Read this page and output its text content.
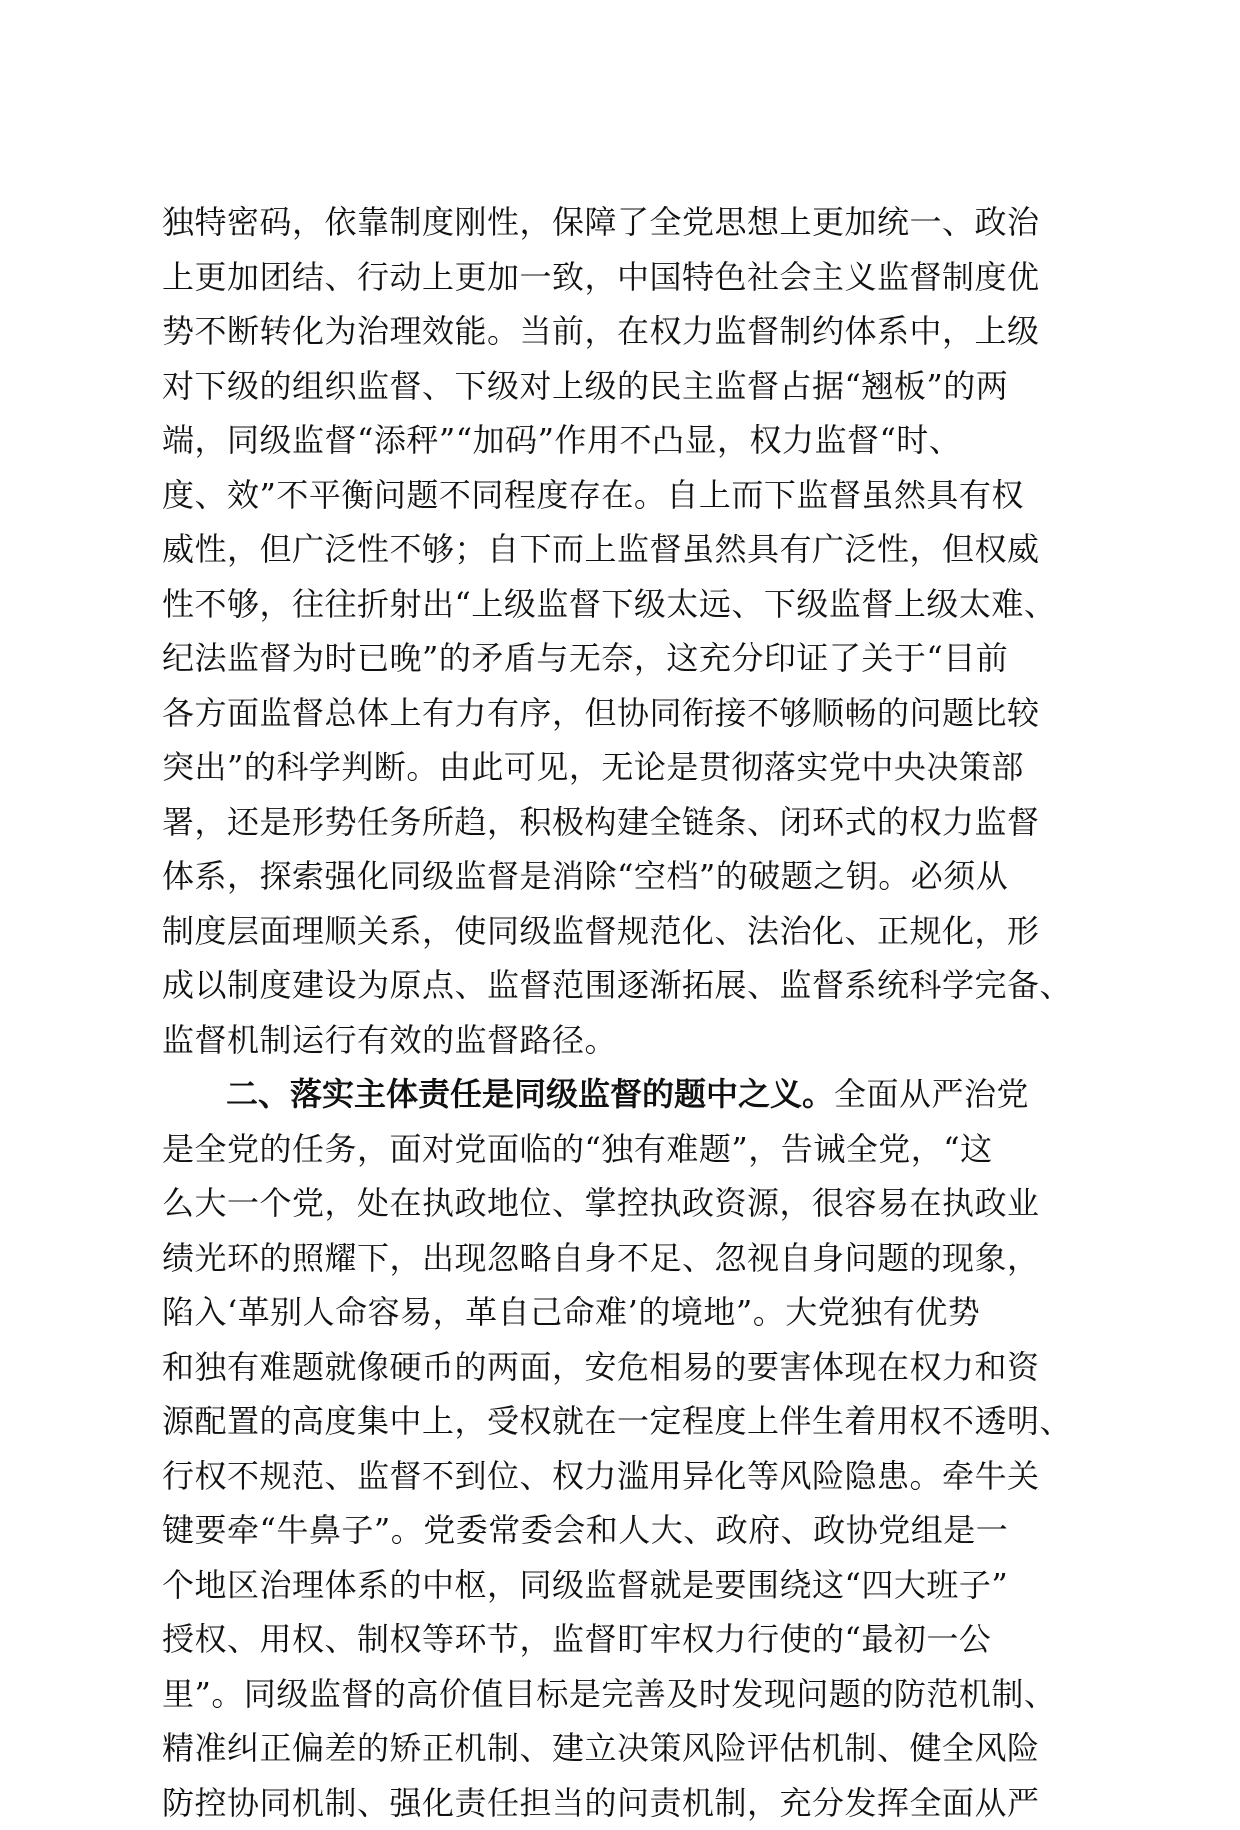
独特密码，依靠制度刚性，保障了全党思想上更加统一、政治
上更加团结、行动上更加一致，中国特色社会主义监督制度优
势不断转化为治理效能。当前，在权力监督制约体系中，上级
对下级的组织监督、下级对上级的民主监督占据“翘板”的两
端，同级监督“添秤”“加码”作用不凸显，权力监督“时、
度、效”不平衡问题不同程度存在。自上而下监督虽然具有权
威性，但广泛性不够；自下而上监督虽然具有广泛性，但权威
性不够，往往折射出“上级监督下级太远、下级监督上级太难、
纪法监督为时已晚”的矛盾与无奈，这充分印证了关于“目前
各方面监督总体上有力有序，但协同衔接不够顺畅的问题比较
突出”的科学判断。由此可见，无论是贯彻落实党中央决策部
署，还是形势任务所趋，积极构建全链条、闭环式的权力监督
体系，探索强化同级监督是消除“空档”的破题之钥。必须从
制度层面理顺关系，使同级监督规范化、法治化、正规化，形
成以制度建设为原点、监督范围逐渐拓展、监督系统科学完备、
监督机制运行有效的监督路径。
二、落实主体责任是同级监督的题中之义。全面从严治党
是全党的任务，面对党面临的“独有难题”，告诫全党，“这
么大一个党，处在执政地位、掌控执政资源，很容易在执政业
绩光环的照耀下，出现忽略自身不足、忽视自身问题的现象，
陷入‘革别人命容易，革自己命难’的境地”。大党独有优势
和独有难题就像硬币的两面，安危相易的要害体现在权力和资
源配置的高度集中上，受权就在一定程度上伴生着用权不透明、
行权不规范、监督不到位、权力滥用异化等风险隐患。牵牛关
键要牵“牛鼻子”。党委常委会和人大、政府、政协党组是一
个地区治理体系的中枢，同级监督就是要围绕这“四大班子”
授权、用权、制权等环节，监督盯牢权力行使的“最初一公
里”。同级监督的高价值目标是完善及时发现问题的防范机制、
精准纠正偏差的矫正机制、建立决策风险评估机制、健全风险
防控协同机制、强化责任担当的问责机制，充分发挥全面从严
